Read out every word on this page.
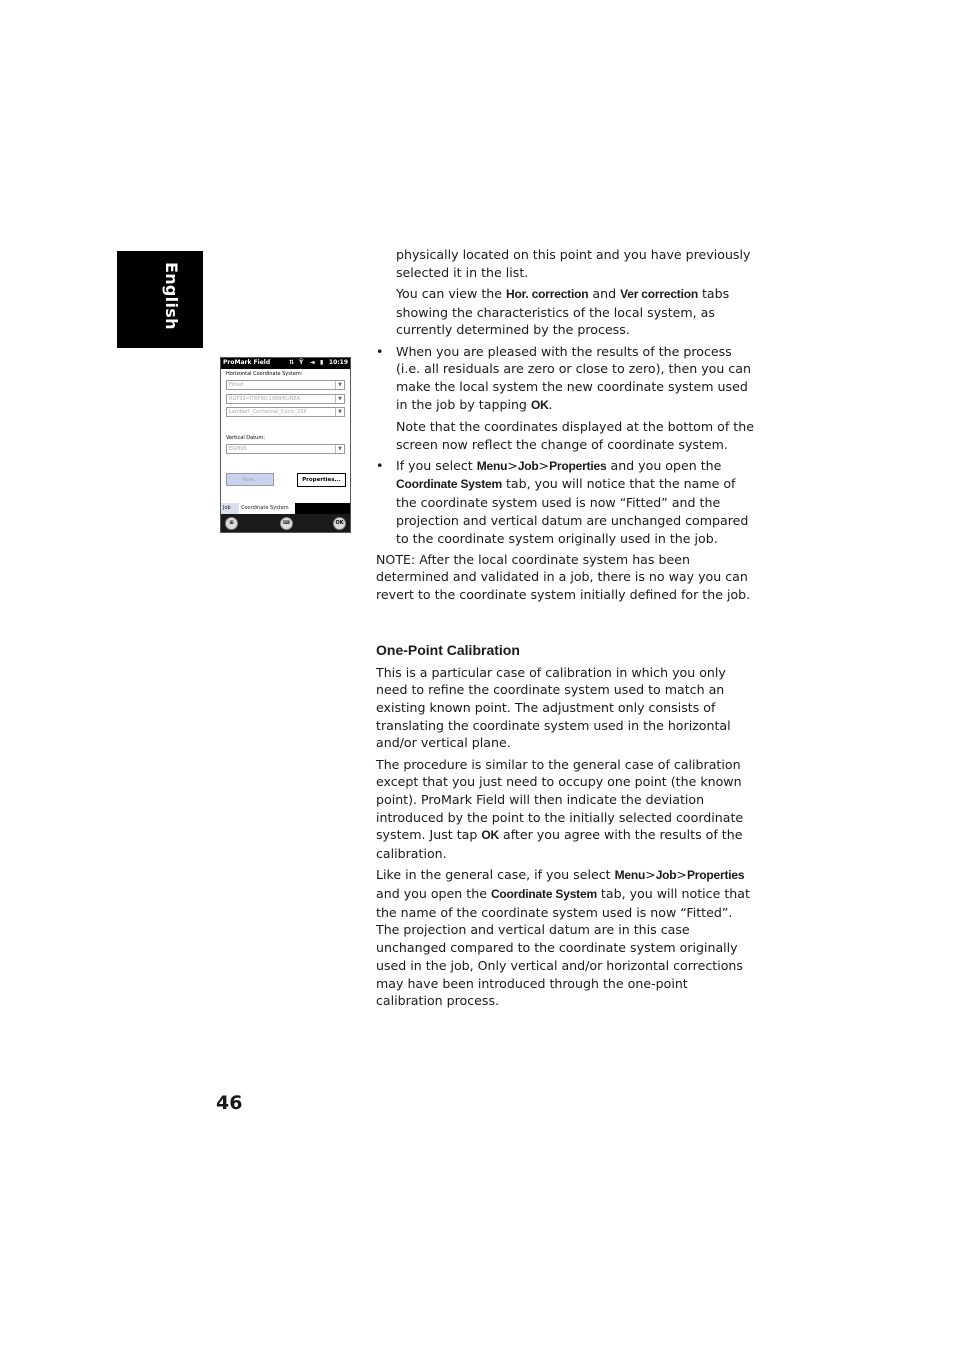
English
ProMark Field	⇅ Ÿ ◄ ▮ 10:19
Horizontal Coordinate System:
Fitted	▼
RGF93=ITRF90,1989/EUREA	▼
Lambert_Conformal_Conic_2SP	▼
Vertical Datum:
EGM96	▼
New...	Properties...
Job	Coordinate System
⊞	⌨	OK

physically located on this point and you have previously selected it in the list.

You can view the Hor. correction and Ver correction tabs showing the characteristics of the local system, as currently determined by the process.

• When you are pleased with the results of the process (i.e. all residuals are zero or close to zero), then you can make the local system the new coordinate system used in the job by tapping OK.

Note that the coordinates displayed at the bottom of the screen now reflect the change of coordinate system.

• If you select Menu>Job>Properties and you open the Coordinate System tab, you will notice that the name of the coordinate system used is now “Fitted” and the projection and vertical datum are unchanged compared to the coordinate system originally used in the job.

NOTE: After the local coordinate system has been determined and validated in a job, there is no way you can revert to the coordinate system initially defined for the job.

One-Point Calibration

This is a particular case of calibration in which you only need to refine the coordinate system used to match an existing known point. The adjustment only consists of translating the coordinate system used in the horizontal and/or vertical plane.

The procedure is similar to the general case of calibration except that you just need to occupy one point (the known point). ProMark Field will then indicate the deviation introduced by the point to the initially selected coordinate system. Just tap OK after you agree with the results of the calibration.

Like in the general case, if you select Menu>Job>Properties and you open the Coordinate System tab, you will notice that the name of the coordinate system used is now “Fitted”. The projection and vertical datum are in this case unchanged compared to the coordinate system originally used in the job, Only vertical and/or horizontal corrections may have been introduced through the one-point calibration process.

46
